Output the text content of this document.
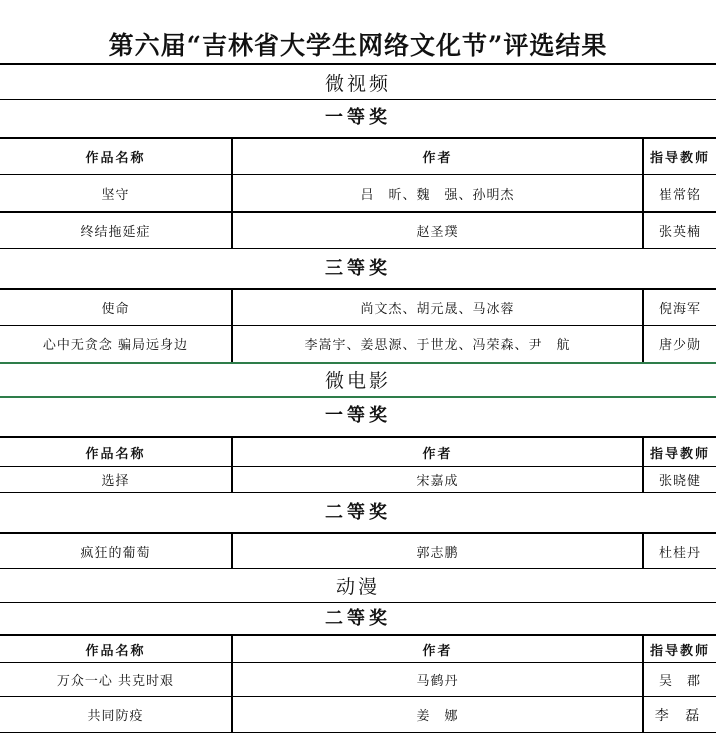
第六届“吉林省大学生网络文化节”评选结果
微视频
一等奖
作品名称	作者	指导教师
坚守	吕　昕、魏　强、孙明杰	崔常铭
终结拖延症	赵圣璞	张英楠
三等奖
使命	尚文杰、胡元晟、马冰蓉	倪海军
心中无贪念 骗局远身边	李嵩宇、姜思源、于世龙、冯荣森、尹　航	唐少勋
微电影
一等奖
作品名称	作者	指导教师
选择	宋嘉成	张晓健
二等奖
疯狂的葡萄	郭志鹏	杜桂丹
动漫
二等奖
作品名称	作者	指导教师
万众一心 共克时艰	马鹤丹	吴　郡
共同防疫	姜　娜	李 磊
